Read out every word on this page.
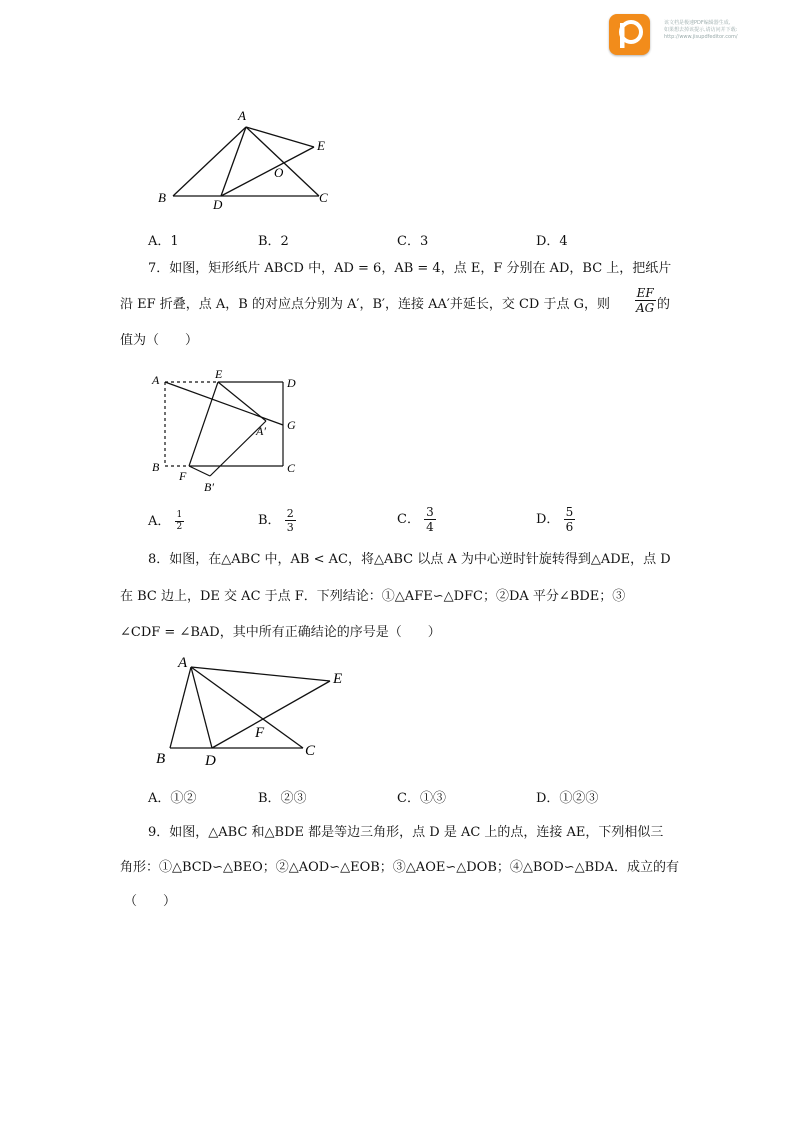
该文档是极速PDF编辑器生成,
如果想去掉该提示,请访问并下载:
http://www.jisupdfeditor.com/
A
E
O
B	D	C
A．1	B．2	C．3	D．4
7．如图，矩形纸片 ABCD 中，AD = 6，AB = 4，点 E，F 分别在 AD，BC 上，把纸片
沿 EF 折叠，点 A，B 的对应点分别为 A′，B′，连接 AA′并延长，交 CD 于点 G，则 $\frac{EF}{AG}$ 的
值为（　　）
A	E
D
A′ G
B
F
C
B′
A． $\frac{1}{2}$	B． $\frac{2}{3}$	C． $\frac{3}{4}$	D． $\frac{5}{6}$
8．如图，在△ABC 中，AB < AC，将△ABC 以点 A 为中心逆时针旋转得到△ADE，点 D
在 BC 边上，DE 交 AC 于点 F．下列结论：①△AFE∽△DFC；②DA 平分∠BDE；③
∠CDF = ∠BAD，其中所有正确结论的序号是（　　）
A
E
F
B	D
C
A．①②	B．②③	C．①③	D．①②③
9．如图，△ABC 和△BDE 都是等边三角形，点 D 是 AC 上的点，连接 AE，下列相似三
角形：①△BCD∽△BEO；②△AOD∽△EOB；③△AOE∽△DOB；④△BOD∽△BDA．成立的有
（　　）
